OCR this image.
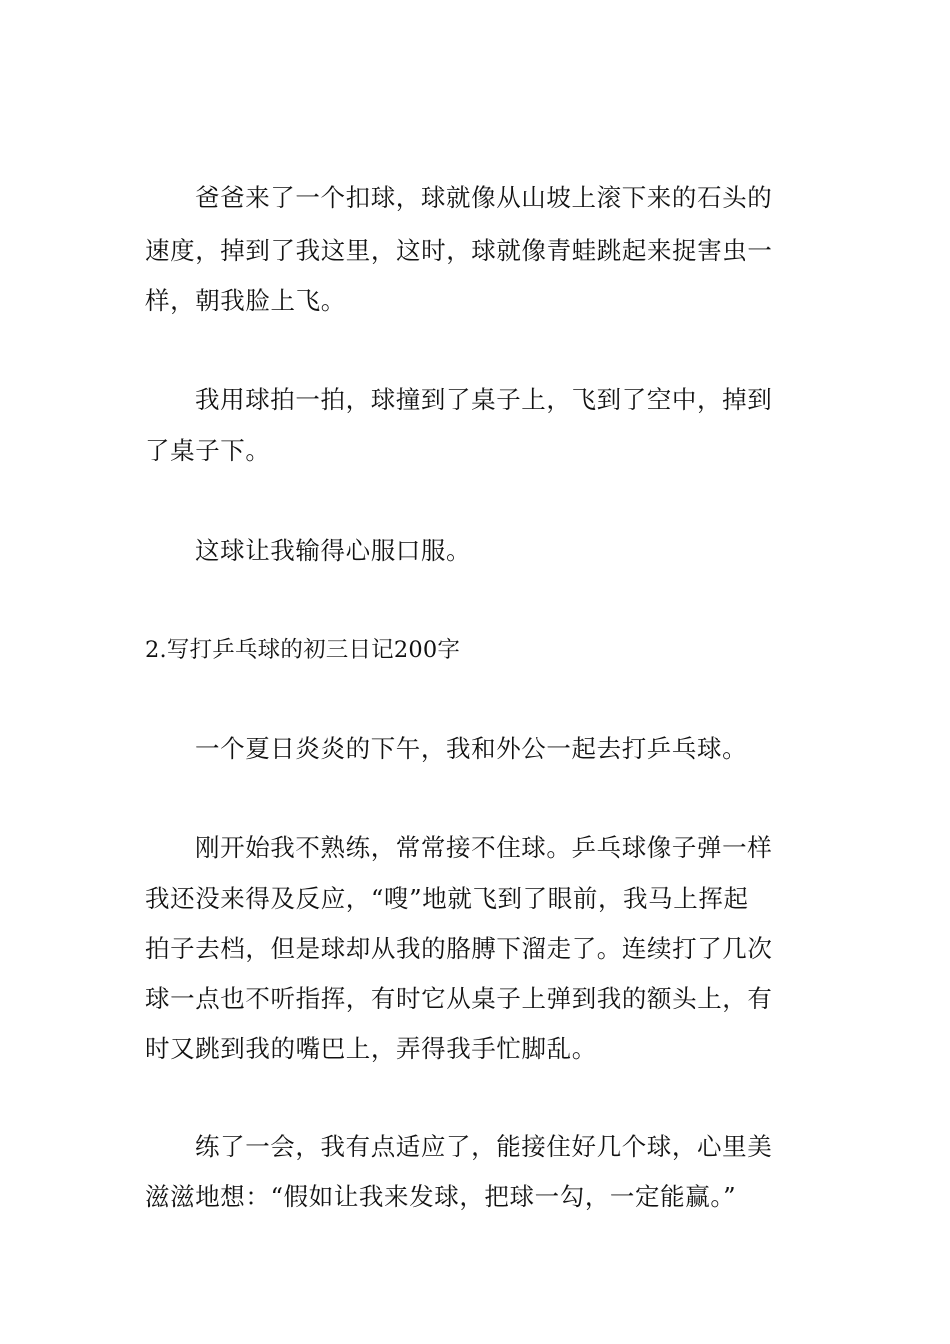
爸爸来了一个扣球，球就像从山坡上滚下来的石头的
速度，掉到了我这里，这时，球就像青蛙跳起来捉害虫一
样，朝我脸上飞。
我用球拍一拍，球撞到了桌子上，飞到了空中，掉到
了桌子下。
这球让我输得心服口服。
2.写打乒乓球的初三日记200字
一个夏日炎炎的下午，我和外公一起去打乒乓球。
刚开始我不熟练，常常接不住球。乒乓球像子弹一样
我还没来得及反应，“嗖”地就飞到了眼前，我马上挥起
拍子去档，但是球却从我的胳膊下溜走了。连续打了几次
球一点也不听指挥，有时它从桌子上弹到我的额头上，有
时又跳到我的嘴巴上，弄得我手忙脚乱。
练了一会，我有点适应了，能接住好几个球，心里美
滋滋地想：“假如让我来发球，把球一勾，一定能赢。”
